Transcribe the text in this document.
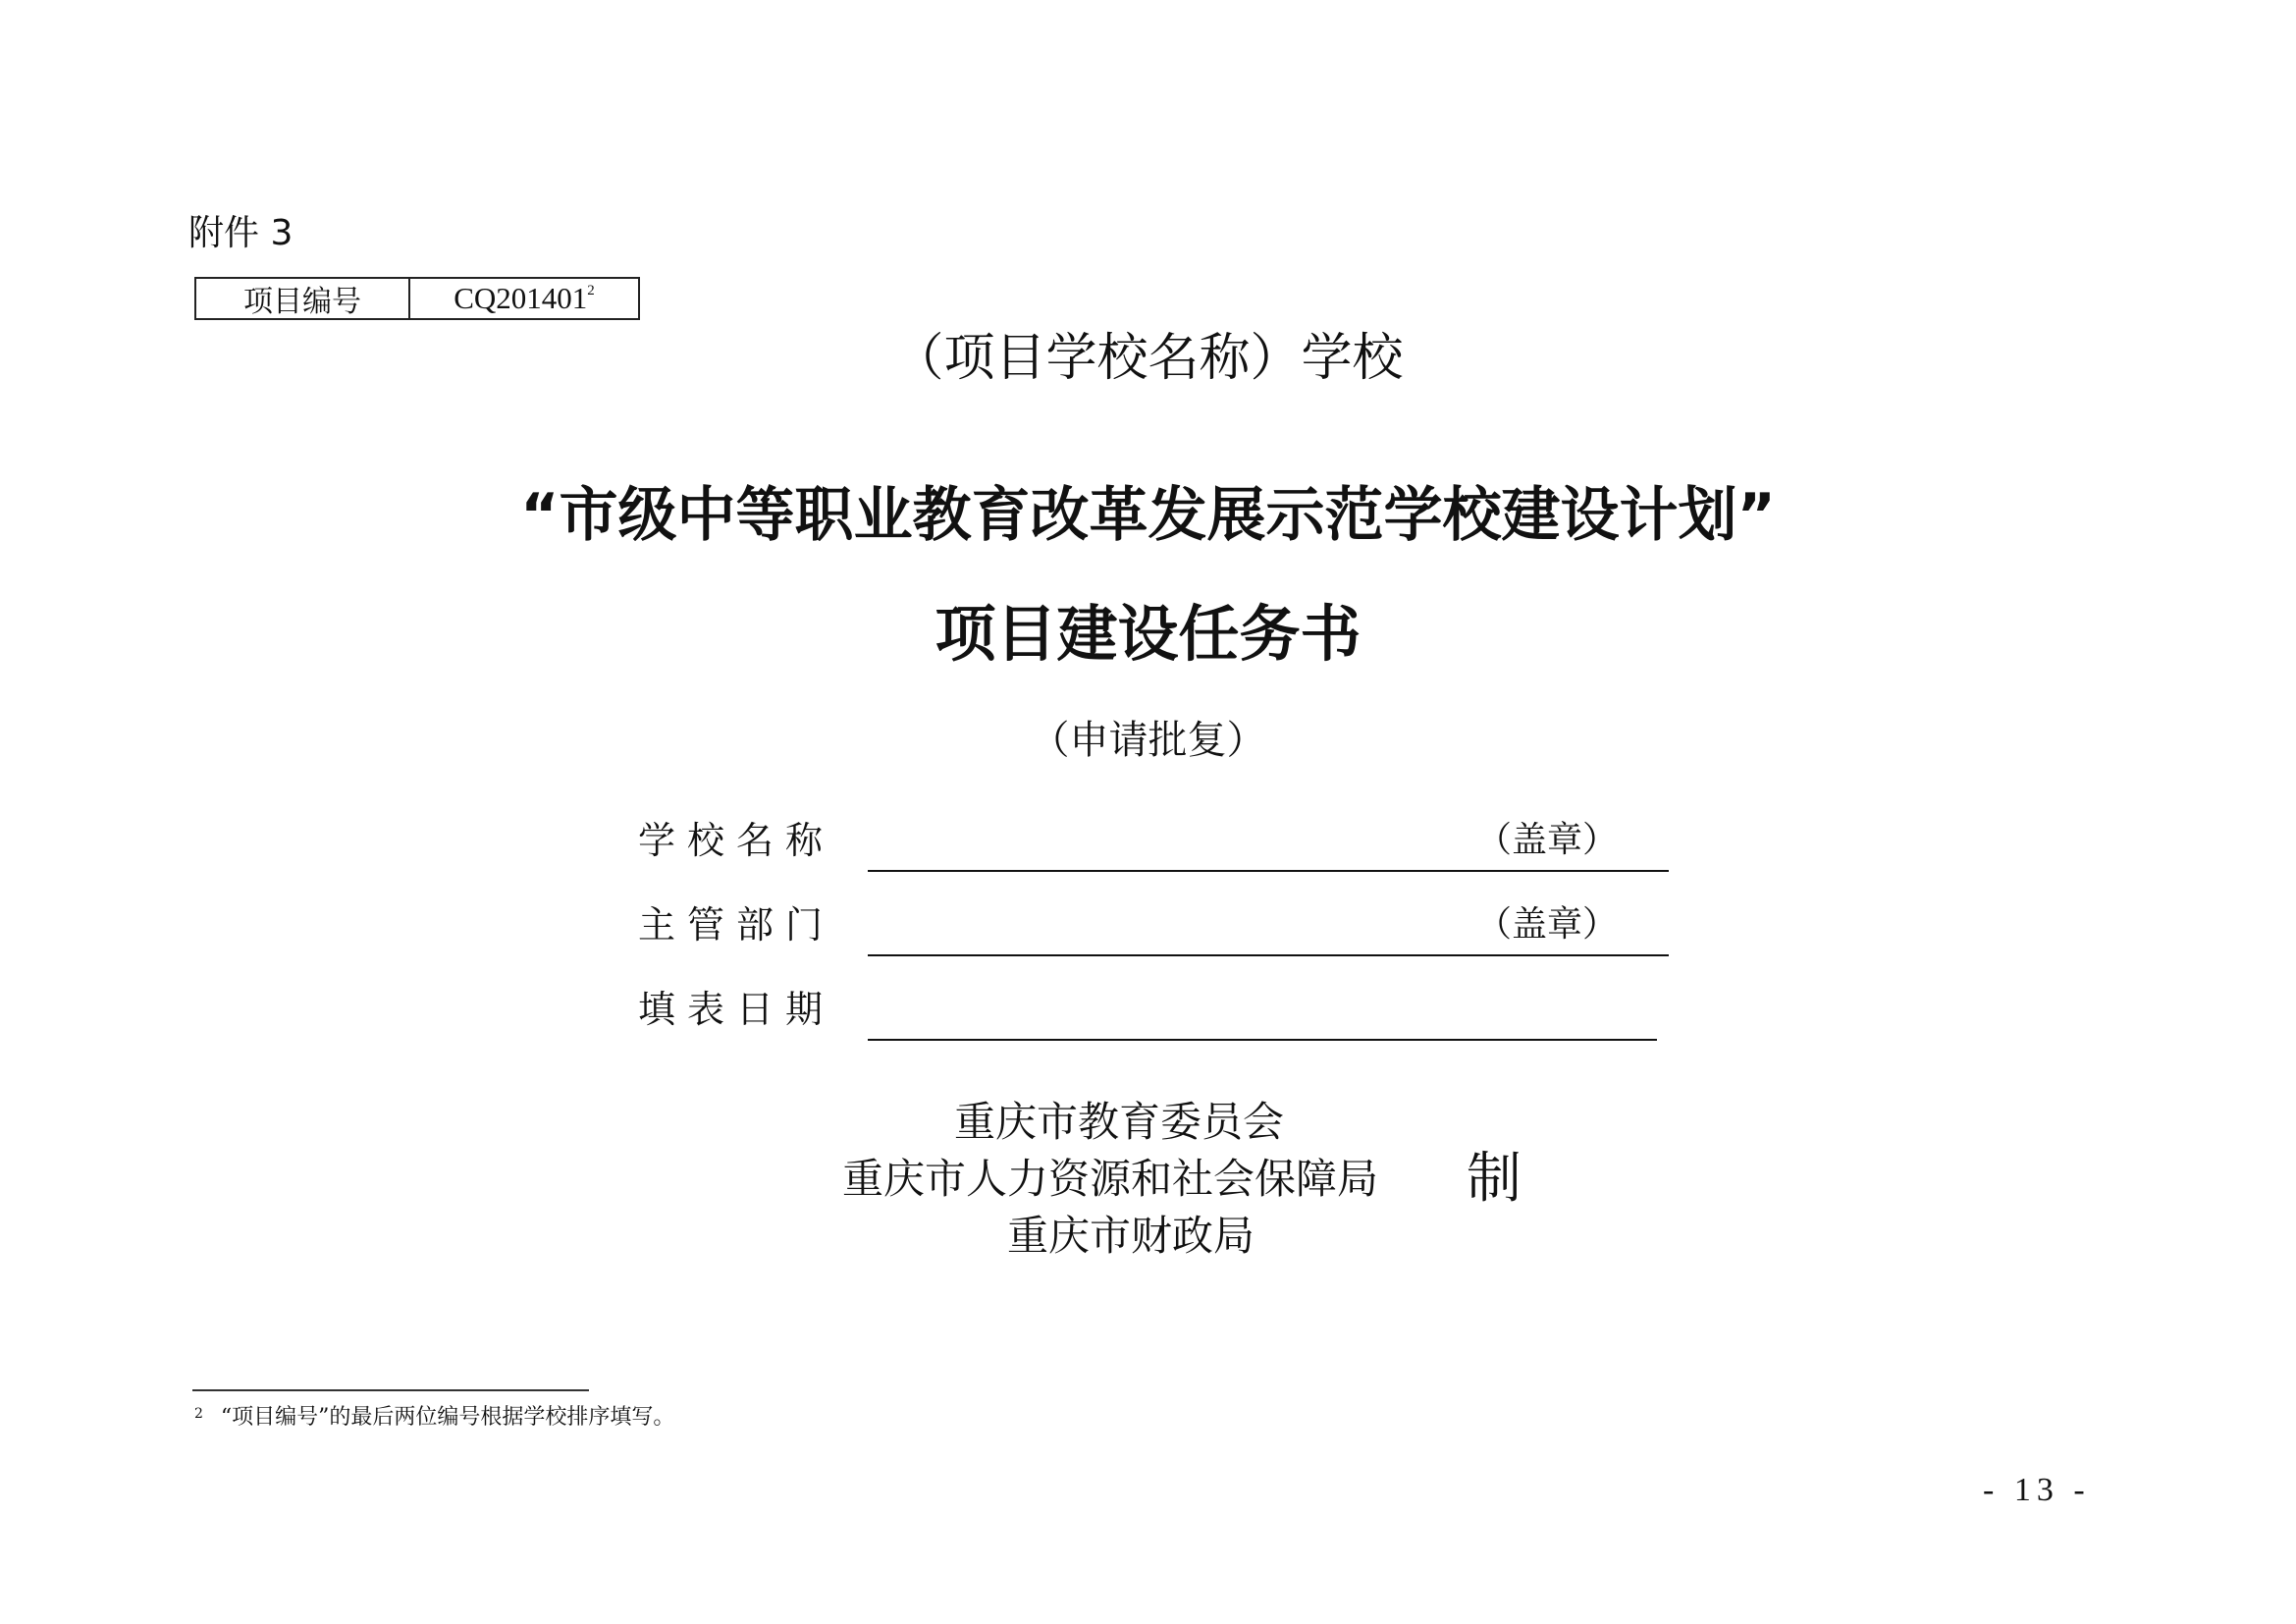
附件 3
项目编号	CQ201401$^2$
（项目学校名称）学校
“市级中等职业教育改革发展示范学校建设计划”
项目建设任务书
（申请批复）
学校名称	（盖章）
主管部门	（盖章）
填表日期
重庆市教育委员会
重庆市人力资源和社会保障局 制
重庆市财政局
$^2$ “项目编号”的最后两位编号根据学校排序填写。
- 13 -
